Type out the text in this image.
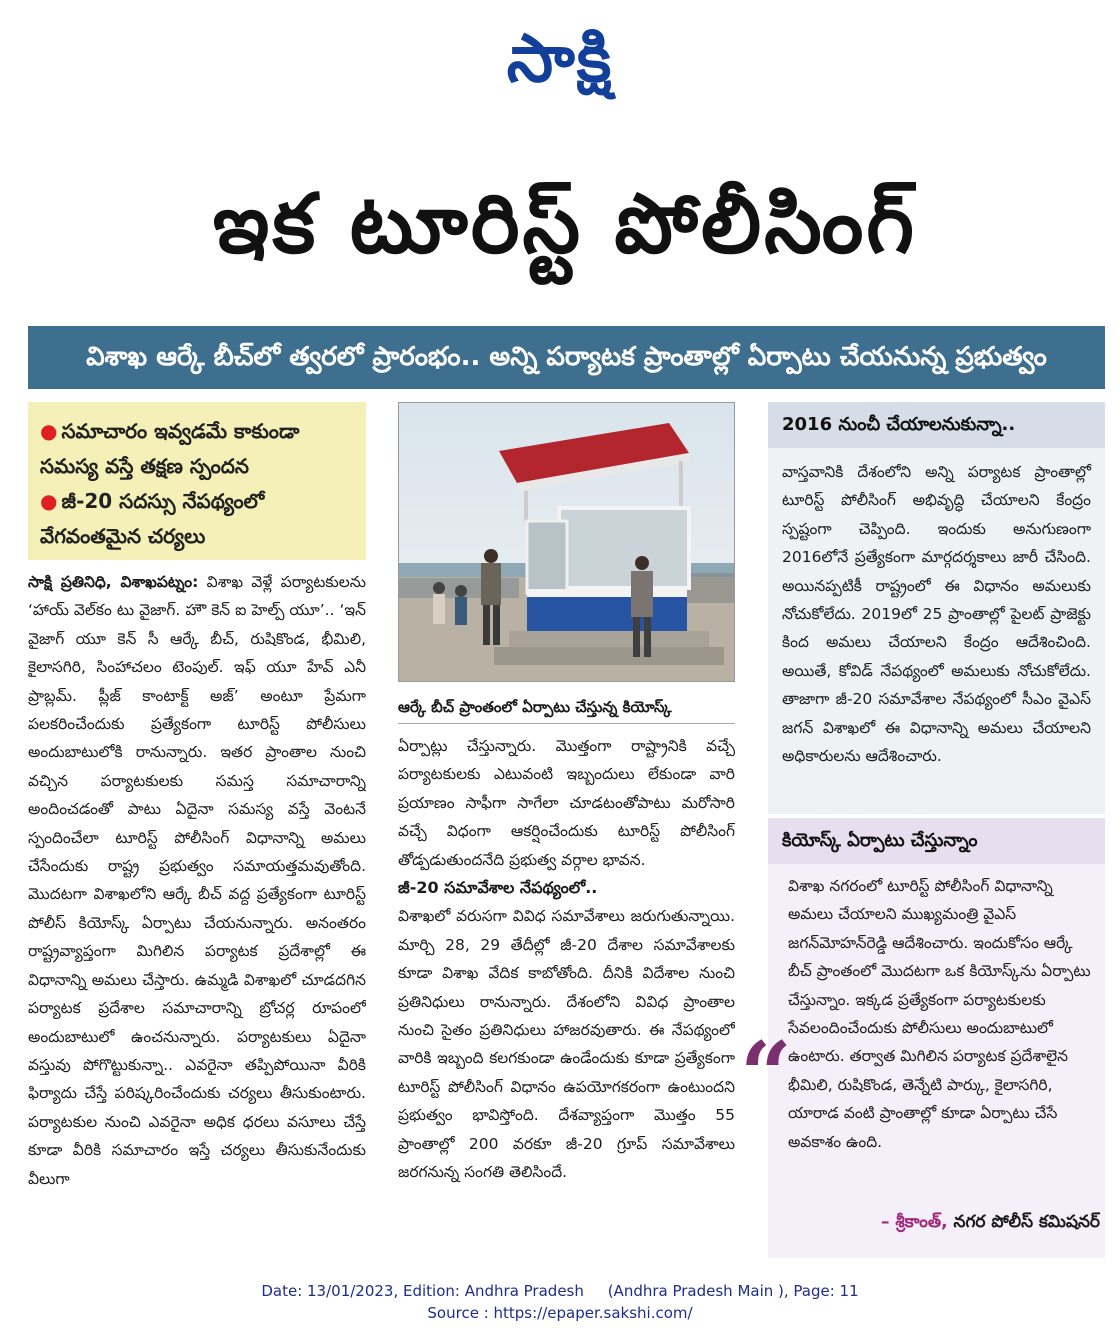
సాక్షి
ఇక టూరిస్ట్ పోలీసింగ్
విశాఖ ఆర్కే బీచ్‌లో త్వరలో ప్రారంభం.. అన్ని పర్యాటక ప్రాంతాల్లో ఏర్పాటు చేయనున్న ప్రభుత్వం
● సమాచారం ఇవ్వడమే కాకుండా సమస్య వస్తే తక్షణ స్పందన
● జీ-20 సదస్సు నేపథ్యంలో వేగవంతమైన చర్యలు
సాక్షి ప్రతినిధి, విశాఖపట్నం: విశాఖ వెళ్లే పర్యాటకులను ‘హాయ్ వెల్‌కం టు వైజాగ్. హౌ కెన్ ఐ హెల్ప్ యూ’.. ‘ఇన్ వైజాగ్ యూ కెన్ సీ ఆర్కే బీచ్, రుషికొండ, భీమిలి, కైలాసగిరి, సింహాచలం టెంపుల్. ఇఫ్ యూ హేవ్ ఎనీ ప్రాబ్లమ్. ప్లీజ్ కాంటాక్ట్ అజ్’ అంటూ ప్రేమగా పలకరించేందుకు ప్రత్యేకంగా టూరిస్ట్ పోలీసులు అందుబాటులోకి రానున్నారు. ఇతర ప్రాంతాల నుంచి వచ్చిన పర్యాటకులకు సమస్త సమాచారాన్ని అందించడంతో పాటు ఏదైనా సమస్య వస్తే వెంటనే స్పందించేలా టూరిస్ట్ పోలీసింగ్ విధానాన్ని అమలు చేసేందుకు రాష్ట్ర ప్రభుత్వం సమాయత్తమవుతోంది. మొదటగా విశాఖలోని ఆర్కే బీచ్ వద్ద ప్రత్యేకంగా టూరిస్ట్ పోలీస్ కియోస్క్ ఏర్పాటు చేయనున్నారు. అనంతరం రాష్ట్రవ్యాప్తంగా మిగిలిన పర్యాటక ప్రదేశాల్లో ఈ విధానాన్ని అమలు చేస్తారు. ఉమ్మడి విశాఖలో చూడదగిన పర్యాటక ప్రదేశాల సమాచారాన్ని బ్రోచర్ల రూపంలో అందుబాటులో ఉంచనున్నారు. పర్యాటకులు ఏదైనా వస్తువు పోగొట్టుకున్నా.. ఎవరైనా తప్పిపోయినా వీరికి ఫిర్యాదు చేస్తే పరిష్కరించేందుకు చర్యలు తీసుకుంటారు. పర్యాటకుల నుంచి ఎవరైనా అధిక ధరలు వసూలు చేస్తే కూడా వీరికి సమాచారం ఇస్తే చర్యలు తీసుకునేందుకు వీలుగా
ఆర్కే బీచ్ ప్రాంతంలో ఏర్పాటు చేస్తున్న కియోస్క్
ఏర్పాట్లు చేస్తున్నారు. మొత్తంగా రాష్ట్రానికి వచ్చే పర్యాటకులకు ఎటువంటి ఇబ్బందులు లేకుండా వారి ప్రయాణం సాఫీగా సాగేలా చూడటంతోపాటు మరోసారి వచ్చే విధంగా ఆకర్షించేందుకు టూరిస్ట్ పోలీసింగ్ తోడ్పడుతుందనేది ప్రభుత్వ వర్గాల భావన.
జీ-20 సమావేశాల నేపథ్యంలో..
విశాఖలో వరుసగా వివిధ సమావేశాలు జరుగుతున్నాయి. మార్చి 28, 29 తేదీల్లో జీ-20 దేశాల సమావేశాలకు కూడా విశాఖ వేదిక కాబోతోంది. దీనికి విదేశాల నుంచి ప్రతినిధులు రానున్నారు. దేశంలోని వివిధ ప్రాంతాల నుంచి సైతం ప్రతినిధులు హాజరవుతారు. ఈ నేపథ్యంలో వారికి ఇబ్బంది కలగకుండా ఉండేందుకు కూడా ప్రత్యేకంగా టూరిస్ట్ పోలీసింగ్ విధానం ఉపయోగకరంగా ఉంటుందని ప్రభుత్వం భావిస్తోంది. దేశవ్యాప్తంగా మొత్తం 55 ప్రాంతాల్లో 200 వరకూ జీ-20 గ్రూప్ సమావేశాలు జరగనున్న సంగతి తెలిసిందే.
2016 నుంచీ చేయాలనుకున్నా..
వాస్తవానికి దేశంలోని అన్ని పర్యాటక ప్రాంతాల్లో టూరిస్ట్ పోలీసింగ్ అభివృద్ధి చేయాలని కేంద్రం స్పష్టంగా చెప్పింది. ఇందుకు అనుగుణంగా 2016లోనే ప్రత్యేకంగా మార్గదర్శకాలు జారీ చేసింది. అయినప్పటికీ రాష్ట్రంలో ఈ విధానం అమలుకు నోచుకోలేదు. 2019లో 25 ప్రాంతాల్లో పైలట్ ప్రాజెక్టు కింద అమలు చేయాలని కేంద్రం ఆదేశించింది. అయితే, కోవిడ్ నేపథ్యంలో అమలుకు నోచుకోలేదు. తాజాగా జీ-20 సమావేశాల నేపథ్యంలో సీఎం వైఎస్ జగన్ విశాఖలో ఈ విధానాన్ని అమలు చేయాలని అధికారులను ఆదేశించారు.
కియోస్క్ ఏర్పాటు చేస్తున్నాం
విశాఖ నగరంలో టూరిస్ట్ పోలీసింగ్ విధానాన్ని అమలు చేయాలని ముఖ్యమంత్రి వైఎస్ జగన్‌మోహన్‌రెడ్డి ఆదేశించారు. ఇందుకోసం ఆర్కే బీచ్ ప్రాంతంలో మొదటగా ఒక కియోస్క్‌ను ఏర్పాటు చేస్తున్నాం. ఇక్కడ ప్రత్యేకంగా పర్యాటకులకు సేవలందించేందుకు పోలీసులు అందుబాటులో ఉంటారు. తర్వాత మిగిలిన పర్యాటక ప్రదేశాలైన భీమిలి, రుషికొండ, తెన్నేటి పార్కు, కైలాసగిరి, యారాడ వంటి ప్రాంతాల్లో కూడా ఏర్పాటు చేసే అవకాశం ఉంది.
“
– శ్రీకాంత్, నగర పోలీస్ కమిషనర్
Date: 13/01/2023, Edition: Andhra Pradesh     (Andhra Pradesh Main ), Page: 11
Source : https://epaper.sakshi.com/
